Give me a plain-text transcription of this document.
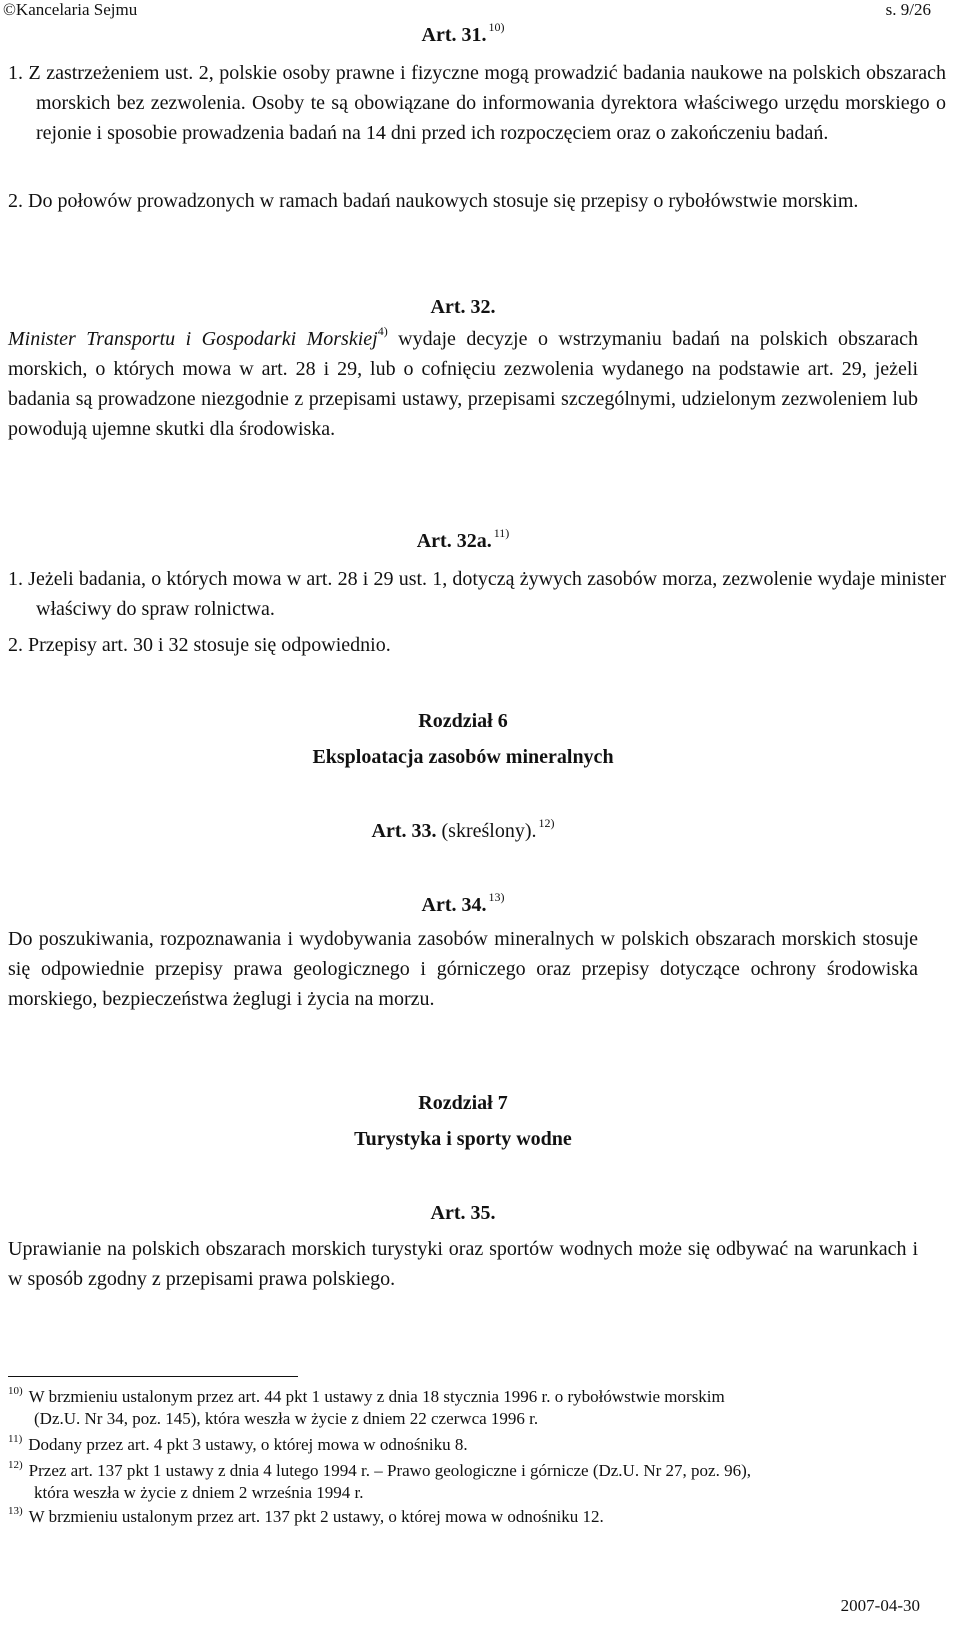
©Kancelaria Sejmu	s. 9/26
Art. 31. $^{10)}$
1. Z zastrzeżeniem ust. 2, polskie osoby prawne i fizyczne mogą prowadzić badania naukowe na polskich obszarach morskich bez zezwolenia. Osoby te są obowiązane do informowania dyrektora właściwego urzędu morskiego o rejonie i sposobie prowadzenia badań na 14 dni przed ich rozpoczęciem oraz o zakończeniu badań.
2. Do połowów prowadzonych w ramach badań naukowych stosuje się przepisy o rybołówstwie morskim.
Art. 32.
Minister Transportu i Gospodarki Morskiej$^{4)}$ wydaje decyzje o wstrzymaniu badań na polskich obszarach morskich, o których mowa w art. 28 i 29, lub o cofnięciu zezwolenia wydanego na podstawie art. 29, jeżeli badania są prowadzone niezgodnie z przepisami ustawy, przepisami szczególnymi, udzielonym zezwoleniem lub powodują ujemne skutki dla środowiska.
Art. 32a. $^{11)}$
1. Jeżeli badania, o których mowa w art. 28 i 29 ust. 1, dotyczą żywych zasobów morza, zezwolenie wydaje minister właściwy do spraw rolnictwa.
2. Przepisy art. 30 i 32 stosuje się odpowiednio.
Rozdział 6
Eksploatacja zasobów mineralnych
Art. 33. (skreślony). $^{12)}$
Art. 34. $^{13)}$
Do poszukiwania, rozpoznawania i wydobywania zasobów mineralnych w polskich obszarach morskich stosuje się odpowiednie przepisy prawa geologicznego i górniczego oraz przepisy dotyczące ochrony środowiska morskiego, bezpieczeństwa żeglugi i życia na morzu.
Rozdział 7
Turystyka i sporty wodne
Art. 35.
Uprawianie na polskich obszarach morskich turystyki oraz sportów wodnych może się odbywać na warunkach i w sposób zgodny z przepisami prawa polskiego.
$^{10)}$ W brzmieniu ustalonym przez art. 44 pkt 1 ustawy z dnia 18 stycznia 1996 r. o rybołówstwie morskim
(Dz.U. Nr 34, poz. 145), która weszła w życie z dniem 22 czerwca 1996 r.
$^{11)}$ Dodany przez art. 4 pkt 3 ustawy, o której mowa w odnośniku 8.
$^{12)}$ Przez art. 137 pkt 1 ustawy z dnia 4 lutego 1994 r. – Prawo geologiczne i górnicze (Dz.U. Nr 27, poz. 96),
która weszła w życie z dniem 2 września 1994 r.
$^{13)}$ W brzmieniu ustalonym przez art. 137 pkt 2 ustawy, o której mowa w odnośniku 12.
2007-04-30
